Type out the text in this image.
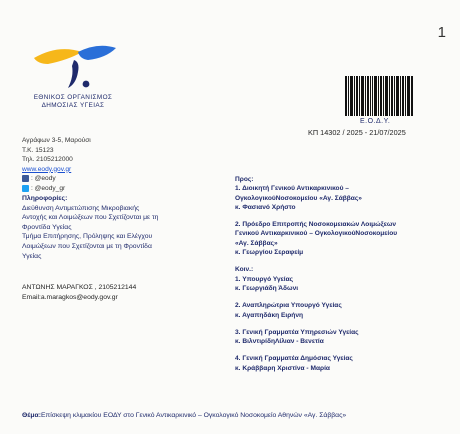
1
ΕΘΝΙΚΟΣ ΟΡΓΑΝΙΣΜΟΣ
ΔΗΜΟΣΙΑΣ ΥΓΕΙΑΣ
Ε.Ο.Δ.Υ.
ΚΠ 14302 / 2025 - 21/07/2025
Αγράφων 3-5, Μαρούσι
Τ.Κ. 15123
Τηλ. 2105212000
www.eody.gov.gr
: @eody
: @eody_gr
Πληροφορίες:
Διεύθυνση Αντιμετώπισης Μικροβιακής
Αντοχής και Λοιμώξεων που Σχετίζονται με τη
Φροντίδα Υγείας
Τμήμα Επιτήρησης, Πρόληψης και Ελέγχου
Λοιμώξεων που Σχετίζονται με τη Φροντίδα
Υγείας
ΑΝΤΩΝΗΣ ΜΑΡΑΓΚΟΣ , 2105212144
Email:a.maragkos@eody.gov.gr
Προς:
1. Διοικητή Γενικού Αντικαρκινικού –
ΟγκολογικούΝοσοκομείου «Αγ. Σάββας»
κ. Φασιανό Χρήστο
2. Πρόεδρο Επιτροπής Νοσοκομειακών Λοιμώξεων
Γενικού Αντικαρκινικού – ΟγκολογικούΝοσοκομείου
«Αγ. Σάββας»
κ. Γεωργίου Σεραφείμ
Κοιν.:
1. Υπουργό Υγείας
κ. Γεωργιάδη Άδωνι
2. Αναπληρώτρια Υπουργό Υγείας
κ. Αγαπηδάκη Ειρήνη
3. Γενική Γραμματέα Υπηρεσιών Υγείας
κ. ΒιλντιρίδηΛίλιαν - Βενετία
4. Γενική Γραμματέα Δημόσιας Υγείας
κ. Κράββαρη Χριστίνα - Μαρία
Θέμα:Επίσκεψη κλιμακίου ΕΟΔΥ στο Γενικό Αντικαρκινικό – Ογκολογικό Νοσοκομείο Αθηνών «Αγ. Σάββας»
